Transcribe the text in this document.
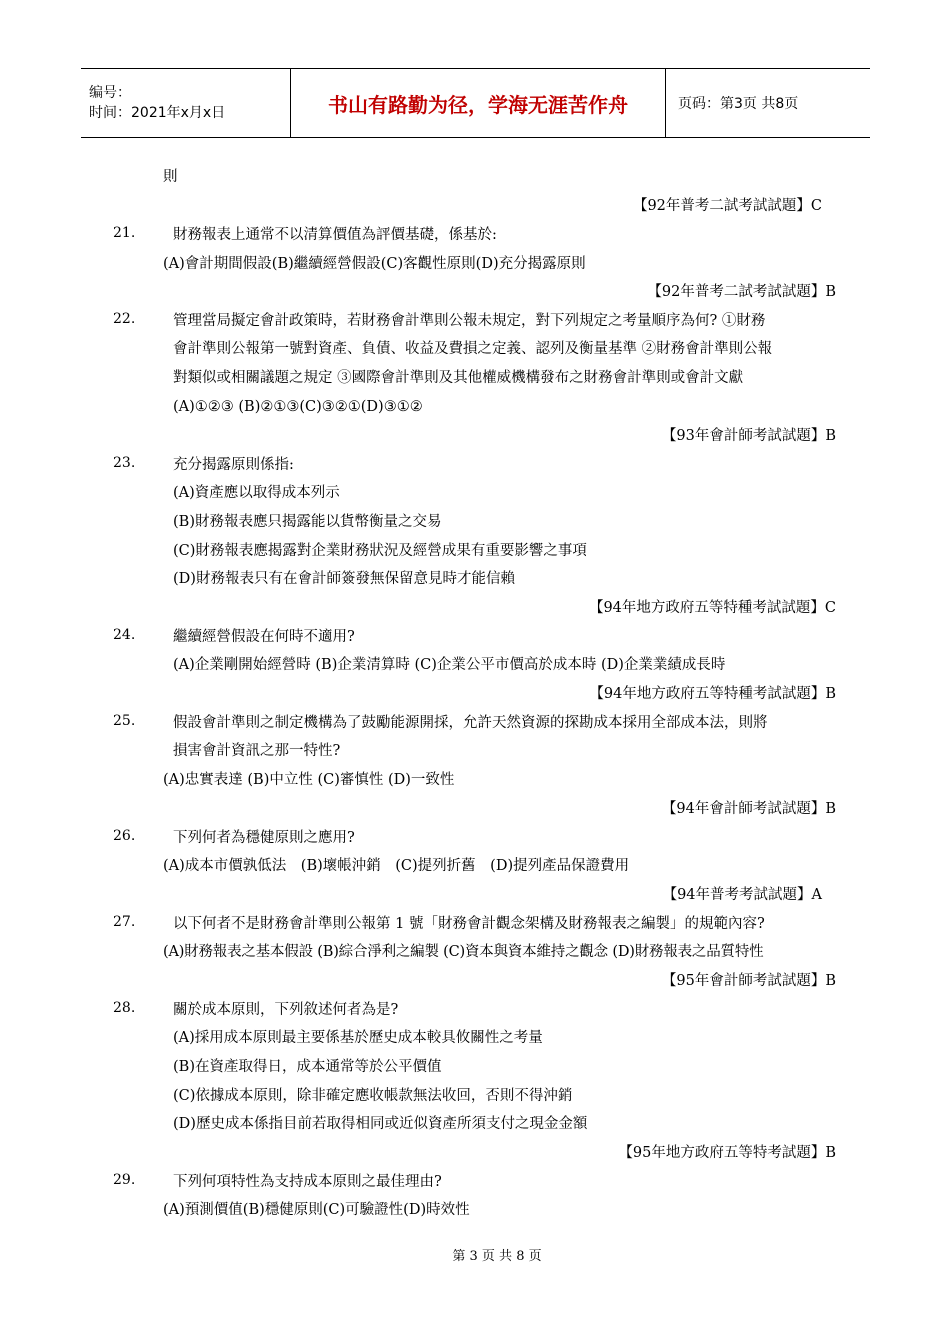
编号：
时间：2021年x月x日	书山有路勤为径，学海无涯苦作舟	页码：第3页 共8页
則
【92年普考二試考試試題】C
21.	財務報表上通常不以清算價值為評價基礎，係基於:
(A)會計期間假設(B)繼續經營假設(C)客觀性原則(D)充分揭露原則
【92年普考二試考試試題】B
22.	管理當局擬定會計政策時，若財務會計準則公報未規定，對下列規定之考量順序為何? ①財務
會計準則公報第一號對資產、負債、收益及費損之定義、認列及衡量基準 ②財務會計準則公報
對類似或相關議題之規定 ③國際會計準則及其他權威機構發布之財務會計準則或會計文獻
(A)①②③ (B)②①③(C)③②①(D)③①②
【93年會計師考試試題】B
23.	充分揭露原則係指:
(A)資產應以取得成本列示
(B)財務報表應只揭露能以貨幣衡量之交易
(C)財務報表應揭露對企業財務狀況及經營成果有重要影響之事項
(D)財務報表只有在會計師簽發無保留意見時才能信賴
【94年地方政府五等特種考試試題】C
24.	繼續經營假設在何時不適用?
(A)企業剛開始經營時 (B)企業清算時 (C)企業公平市價高於成本時 (D)企業業績成長時
【94年地方政府五等特種考試試題】B
25.	假設會計準則之制定機構為了鼓勵能源開採，允許天然資源的探勘成本採用全部成本法，則將
損害會計資訊之那一特性?
(A)忠實表達 (B)中立性 (C)審慎性 (D)一致性
【94年會計師考試試題】B
26.	下列何者為穩健原則之應用?
(A)成本市價孰低法　(B)壞帳沖銷　(C)提列折舊　(D)提列產品保證費用
【94年普考考試試題】A
27.	以下何者不是財務會計準則公報第 1 號「財務會計觀念架構及財務報表之編製」的規範內容?
(A)財務報表之基本假設 (B)綜合淨利之編製 (C)資本與資本維持之觀念 (D)財務報表之品質特性
【95年會計師考試試題】B
28.	關於成本原則，下列敘述何者為是?
(A)採用成本原則最主要係基於歷史成本較具攸關性之考量
(B)在資產取得日，成本通常等於公平價值
(C)依據成本原則，除非確定應收帳款無法收回，否則不得沖銷
(D)歷史成本係指目前若取得相同或近似資產所須支付之現金金額
【95年地方政府五等特考試題】B
29.	下列何項特性為支持成本原則之最佳理由?
(A)預測價值(B)穩健原則(C)可驗證性(D)時效性
第 3 页 共 8 页
